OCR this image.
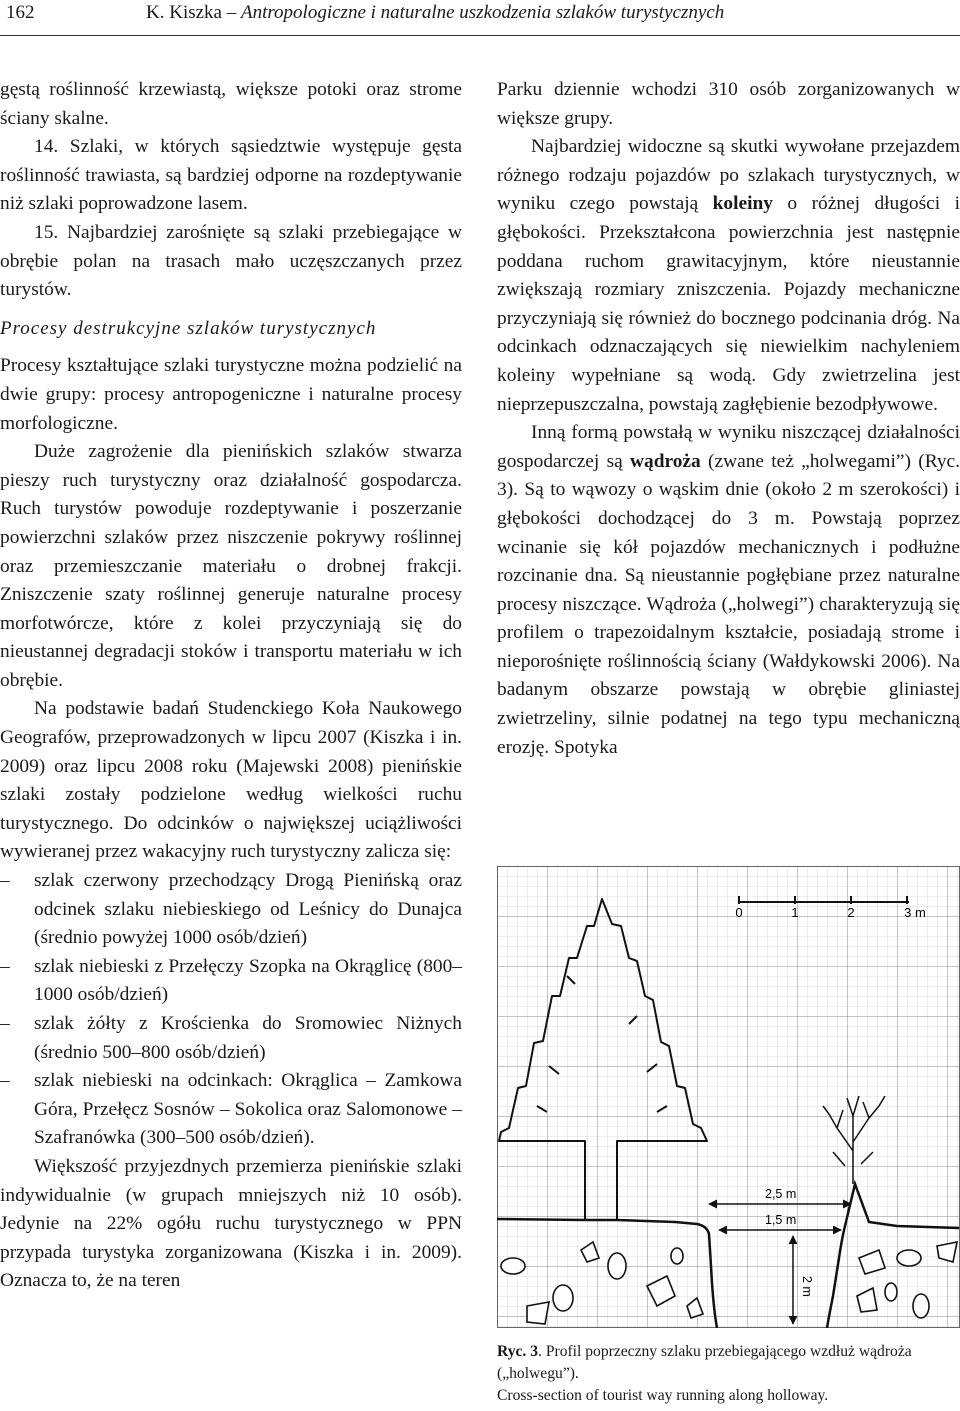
162	K. Kiszka – Antropologiczne i naturalne uszkodzenia szlaków turystycznych

gęstą roślinność krzewiastą, większe potoki oraz strome ściany skalne.

14. Szlaki, w których sąsiedztwie występuje gęsta roślinność trawiasta, są bardziej odporne na rozdeptywanie niż szlaki poprowadzone lasem.

15. Najbardziej zarośnięte są szlaki przebiegające w obrębie polan na trasach mało uczęszczanych przez turystów.

Procesy destrukcyjne szlaków turystycznych

Procesy kształtujące szlaki turystyczne można podzielić na dwie grupy: procesy antropogeniczne i naturalne procesy morfologiczne.

Duże zagrożenie dla pienińskich szlaków stwarza pieszy ruch turystyczny oraz działalność gospodarcza. Ruch turystów powoduje rozdeptywanie i poszerzanie powierzchni szlaków przez niszczenie pokrywy roślinnej oraz przemieszczanie materiału o drobnej frakcji. Zniszczenie szaty roślinnej generuje naturalne procesy morfotwórcze, które z kolei przyczyniają się do nieustannej degradacji stoków i transportu materiału w ich obrębie.

Na podstawie badań Studenckiego Koła Naukowego Geografów, przeprowadzonych w lipcu 2007 (Kiszka i in. 2009) oraz lipcu 2008 roku (Majewski 2008) pienińskie szlaki zostały podzielone według wielkości ruchu turystycznego. Do odcinków o największej uciążliwości wywieranej przez wakacyjny ruch turystyczny zalicza się:

– szlak czerwony przechodzący Drogą Pienińską oraz odcinek szlaku niebieskiego od Leśnicy do Dunajca (średnio powyżej 1000 osób/dzień)
– szlak niebieski z Przełęczy Szopka na Okrąglicę (800–1000 osób/dzień)
– szlak żółty z Krościenka do Sromowiec Niżnych (średnio 500–800 osób/dzień)
– szlak niebieski na odcinkach: Okrąglica – Zamkowa Góra, Przełęcz Sosnów – Sokolica oraz Salomonowe – Szafranówka (300–500 osób/dzień).

Większość przyjezdnych przemierza pienińskie szlaki indywidualnie (w grupach mniejszych niż 10 osób). Jedynie na 22% ogółu ruchu turystycznego w PPN przypada turystyka zorganizowana (Kiszka i in. 2009). Oznacza to, że na teren

Parku dziennie wchodzi 310 osób zorganizowanych w większe grupy.

Najbardziej widoczne są skutki wywołane przejazdem różnego rodzaju pojazdów po szlakach turystycznych, w wyniku czego powstają koleiny o różnej długości i głębokości. Przekształcona powierzchnia jest następnie poddana ruchom grawitacyjnym, które nieustannie zwiększają rozmiary zniszczenia. Pojazdy mechaniczne przyczyniają się również do bocznego podcinania dróg. Na odcinkach odznaczających się niewielkim nachyleniem koleiny wypełniane są wodą. Gdy zwietrzelina jest nieprzepuszczalna, powstają zagłębienie bezodpływowe.

Inną formą powstałą w wyniku niszczącej działalności gospodarczej są wądroża (zwane też „holwegami”) (Ryc. 3). Są to wąwozy o wąskim dnie (około 2 m szerokości) i głębokości dochodzącej do 3 m. Powstają poprzez wcinanie się kół pojazdów mechanicznych i podłużne rozcinanie dna. Są nieustannie pogłębiane przez naturalne procesy niszczące. Wądroża („holwegi”) charakteryzują się profilem o trapezoidalnym kształcie, posiadają strome i nieporośnięte roślinnością ściany (Wałdykowski 2006). Na badanym obszarze powstają w obrębie gliniastej zwietrzeliny, silnie podatnej na tego typu mechaniczną erozję. Spotyka

0	1	2	3 m
2,5 m
1,5 m
2 m
Ryc. 3. Profil poprzeczny szlaku przebiegającego wzdłuż wądroża („holwegu”).
Cross-section of tourist way running along holloway.
